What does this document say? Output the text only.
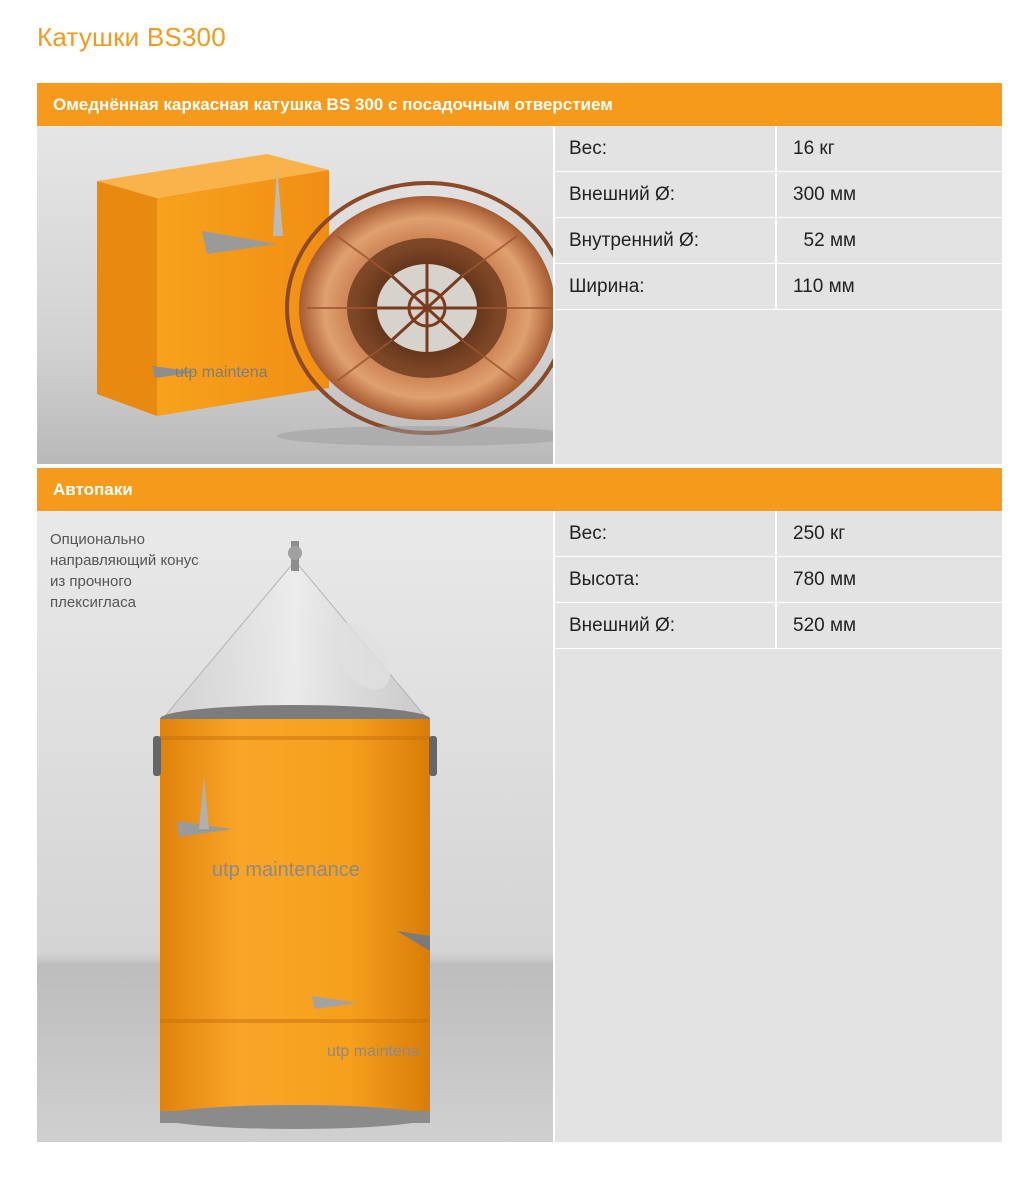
Катушки BS300
Омеднённая каркасная катушка BS 300 с посадочным отверстием
utp maintena
Вес:	16 кг
Внешний Ø:	300 мм
Внутренний Ø:	52 мм
Ширина:	110 мм
Автопаки
utp maintenance
utp maintena
Опционально
направляющий конус
из прочного
плексигласа
Вес:	250 кг
Высота:	780 мм
Внешний Ø:	520 мм
